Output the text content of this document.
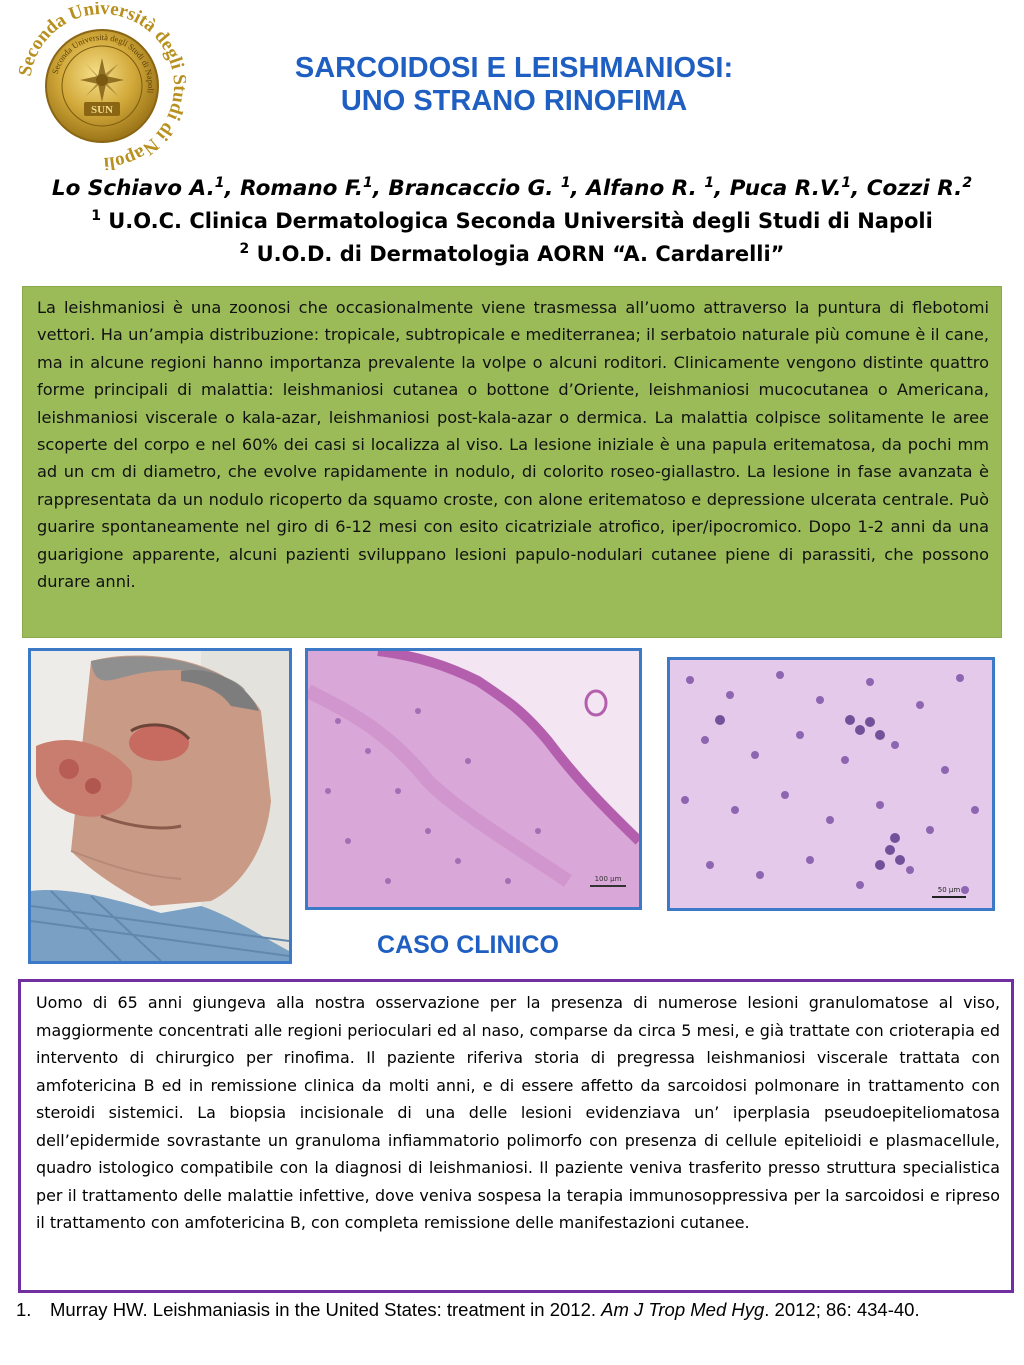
econda Università degli di di Napoli
Seconda Università degli Studi di Napoli
SUN
SARCOIDOSI E LEISHMANIOSI:
UNO STRANO RINOFIMA
Lo Schiavo A.$^1$, Romano F.$^1$, Brancaccio G. $^1$, Alfano R. $^1$, Puca R.V.$^1$, Cozzi R.$^2$
$^1$ U.O.C. Clinica Dermatologica Seconda Università degli Studi di Napoli
$^2$ U.O.D. di Dermatologia AORN “A. Cardarelli”
La leishmaniosi è una zoonosi che occasionalmente viene trasmessa all’uomo attraverso la puntura di flebotomi vettori. Ha un’ampia distribuzione: tropicale, subtropicale e mediterranea; il serbatoio naturale più comune è il cane, ma in alcune regioni hanno importanza prevalente la volpe o alcuni roditori. Clinicamente vengono distinte quattro forme principali di malattia: leishmaniosi cutanea o bottone d’Oriente, leishmaniosi mucocutanea o Americana, leishmaniosi viscerale o kala-azar, leishmaniosi post-kala-azar o dermica. La malattia colpisce solitamente le aree scoperte del corpo e nel 60% dei casi si localizza al viso. La lesione iniziale è una papula eritematosa, da pochi mm ad un cm di diametro, che evolve rapidamente in nodulo, di colorito roseo-giallastro. La lesione in fase avanzata è rappresentata da un nodulo ricoperto da squamo croste, con alone eritematoso e depressione ulcerata centrale. Può guarire spontaneamente nel giro di 6-12 mesi con esito cicatriziale atrofico, iper/ipocromico. Dopo 1-2 anni da una guarigione apparente, alcuni pazienti sviluppano lesioni papulo-nodulari cutanee piene di parassiti, che possono durare anni.
100 µm
50 µm
CASO CLINICO
Uomo di 65 anni giungeva alla nostra osservazione per la presenza di numerose lesioni granulomatose al viso, maggiormente concentrati alle regioni perioculari ed al naso, comparse da circa 5 mesi, e già trattate con crioterapia ed intervento di chirurgico per rinofima. Il paziente riferiva storia di pregressa leishmaniosi viscerale trattata con amfotericina B ed in remissione clinica da molti anni, e di essere affetto da sarcoidosi polmonare in trattamento con steroidi sistemici. La biopsia incisionale di una delle lesioni evidenziava un’ iperplasia pseudoepiteliomatosa dell’epidermide sovrastante un granuloma infiammatorio polimorfo con presenza di cellule epitelioidi e plasmacellule, quadro istologico compatibile con la diagnosi di leishmaniosi. Il paziente veniva trasferito presso struttura specialistica per il trattamento delle malattie infettive, dove veniva sospesa la terapia immunosoppressiva per la sarcoidosi e ripreso il trattamento con amfotericina B, con completa remissione delle manifestazioni cutanee.
1.	Murray HW. Leishmaniasis in the United States: treatment in 2012. Am J Trop Med Hyg. 2012; 86: 434-40.
